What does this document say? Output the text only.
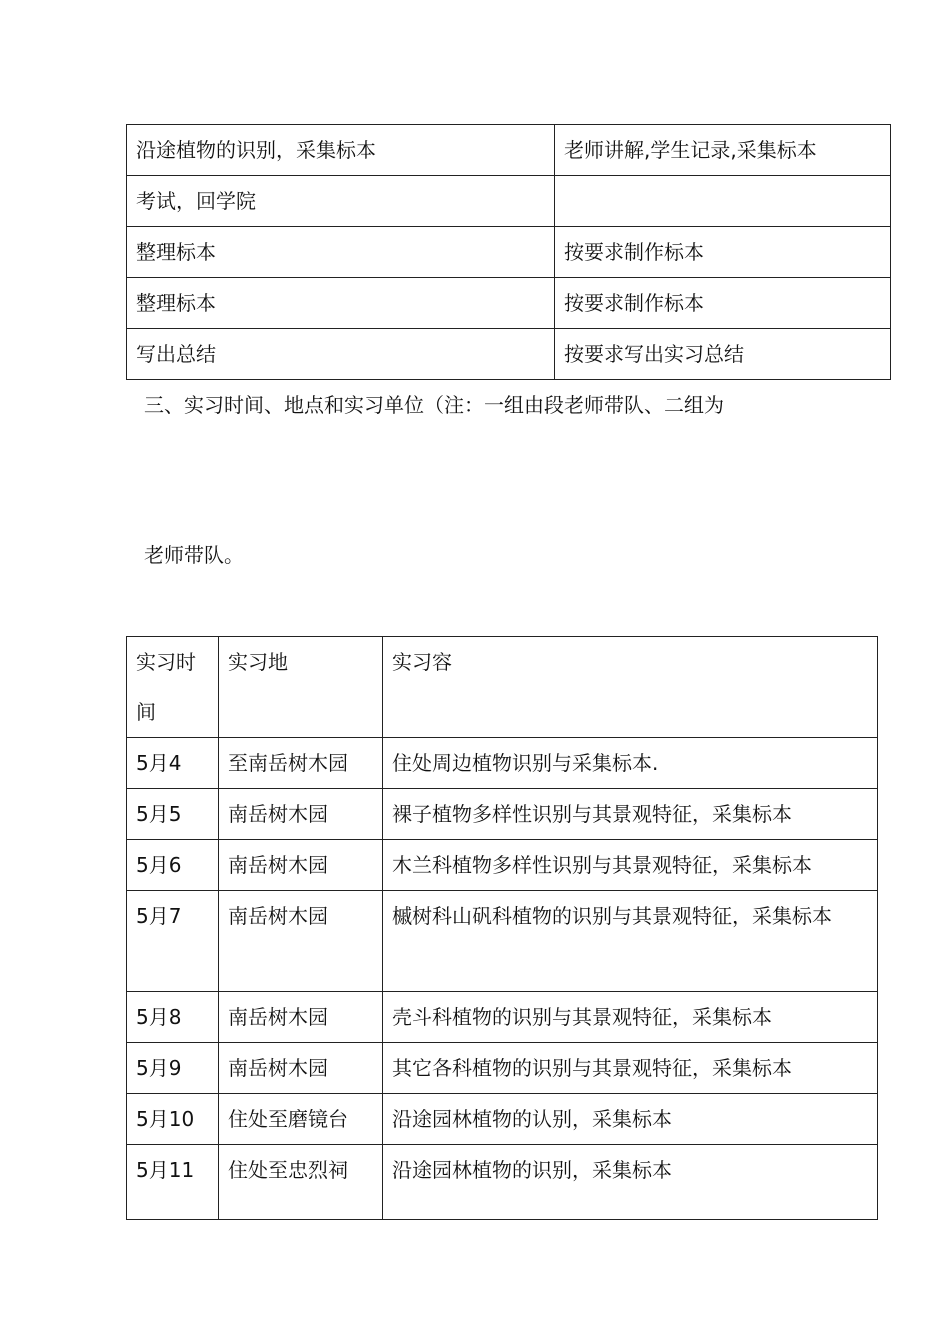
沿途植物的识别，采集标本	老师讲解,学生记录,采集标本
考试，回学院	
整理标本	按要求制作标本
整理标本	按要求制作标本
写出总结	按要求写出实习总结

三、实习时间、地点和实习单位（注：一组由段老师带队、二组为

老师带队。

实习时间	实习地	实习容
5月4	至南岳树木园	住处周边植物识别与采集标本.
5月5	南岳树木园	裸子植物多样性识别与其景观特征，采集标本
5月6	南岳树木园	木兰科植物多样性识别与其景观特征，采集标本
5月7	南岳树木园	槭树科山矾科植物的识别与其景观特征，采集标本
5月8	南岳树木园	壳斗科植物的识别与其景观特征，采集标本
5月9	南岳树木园	其它各科植物的识别与其景观特征，采集标本
5月10	住处至磨镜台	沿途园林植物的认别，采集标本
5月11	住处至忠烈祠	沿途园林植物的识别，采集标本
